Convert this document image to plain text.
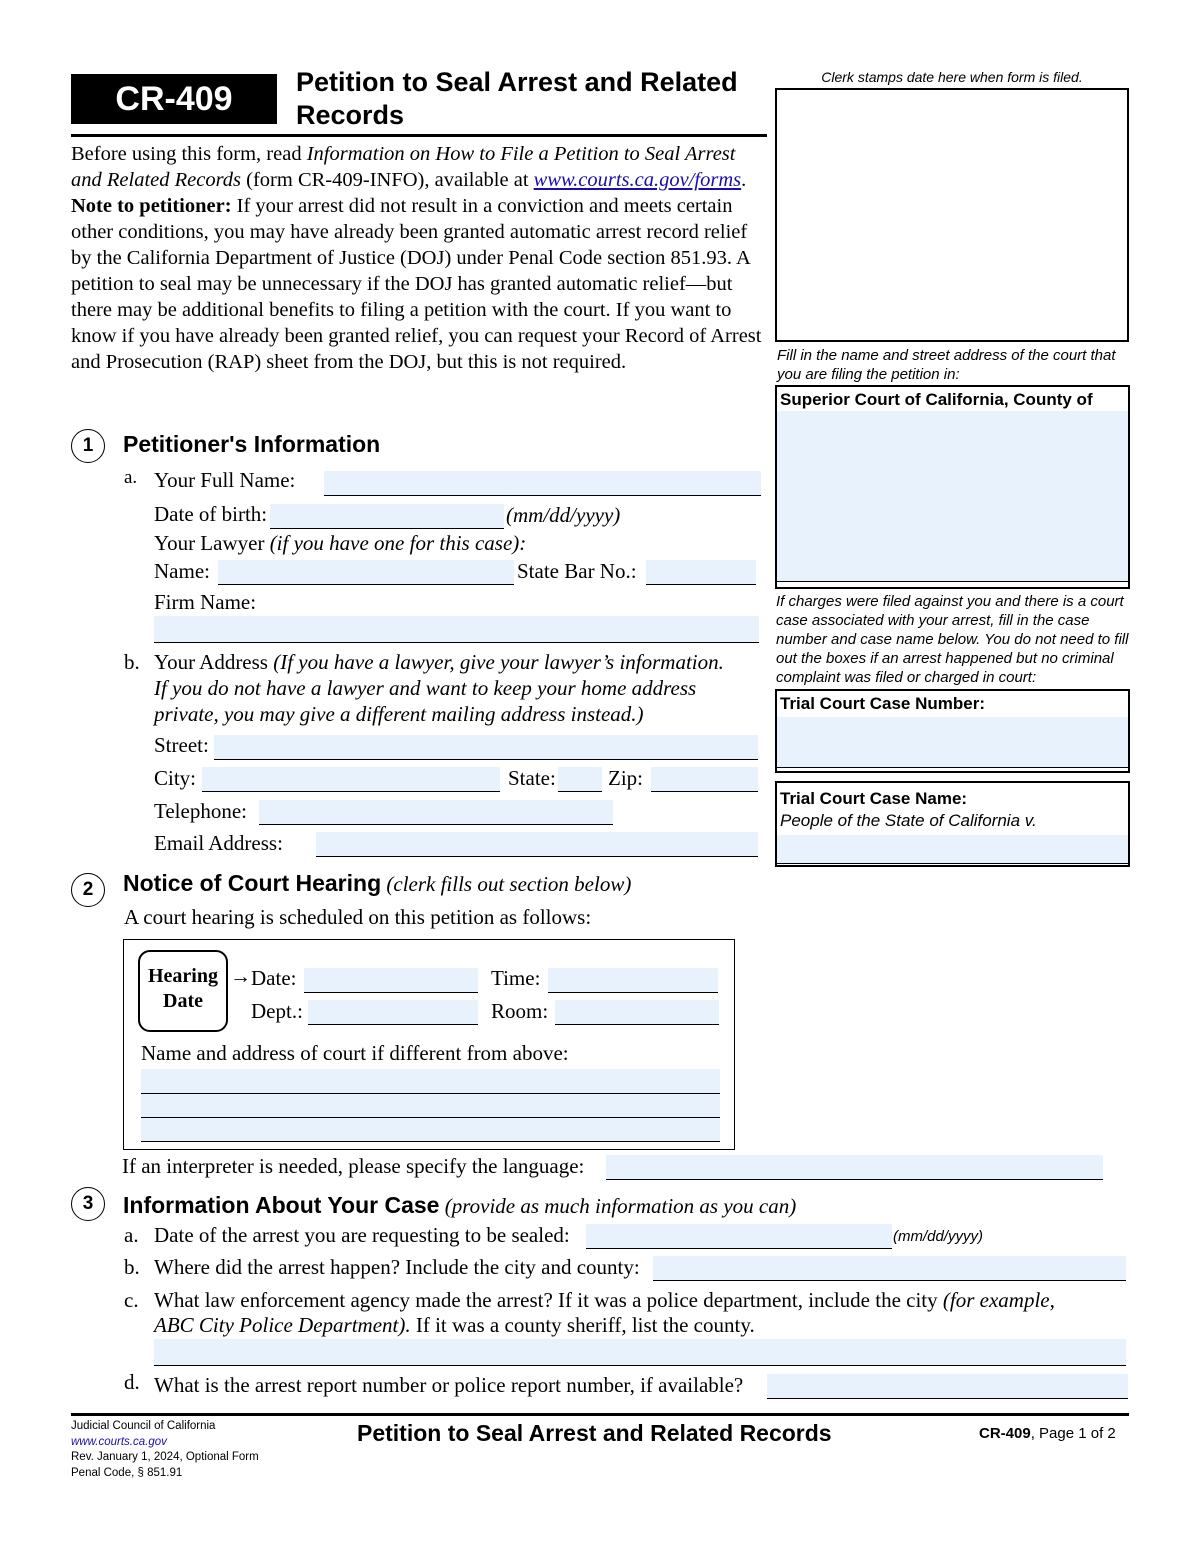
CR-409	Petition to Seal Arrest and Related
Records
Clerk stamps date here when form is filed.
Before using this form, read Information on How to File a Petition to Seal Arrest and Related Records (form CR-409-INFO), available at www.courts.ca.gov/forms.
Note to petitioner: If your arrest did not result in a conviction and meets certain other conditions, you may have already been granted automatic arrest record relief by the California Department of Justice (DOJ) under Penal Code section 851.93. A petition to seal may be unnecessary if the DOJ has granted automatic relief—but there may be additional benefits to filing a petition with the court. If you want to know if you have already been granted relief, you can request your Record of Arrest and Prosecution (RAP) sheet from the DOJ, but this is not required.	Fill in the name and street address of the court that you are filing the petition in:
Superior Court of California, County of
If charges were filed against you and there is a court case associated with your arrest, fill in the case number and case name below. You do not need to fill out the boxes if an arrest happened but no criminal complaint was filed or charged in court:
Trial Court Case Number:
Trial Court Case Name:
People of the State of California v.
1	Petitioner's Information
a. Your Full Name:
Date of birth:	(mm/dd/yyyy)
Your Lawyer (if you have one for this case):
Name:	State Bar No.:
Firm Name:
b. Your Address (If you have a lawyer, give your lawyer’s information.
If you do not have a lawyer and want to keep your home address
private, you may give a different mailing address instead.)
Street:
City:	State: Zip:
Telephone:
Email Address:
2	Notice of Court Hearing (clerk fills out section below)
A court hearing is scheduled on this petition as follows:
Hearing
Date
→ Date:	Time:
Dept.:	Room:
Name and address of court if different from above:
If an interpreter is needed, please specify the language:
3	Information About Your Case (provide as much information as you can)
a. Date of the arrest you are requesting to be sealed:	(mm/dd/yyyy)
b. Where did the arrest happen? Include the city and county:
c. What law enforcement agency made the arrest? If it was a police department, include the city (for example,
ABC City Police Department). If it was a county sheriff, list the county.
d. What is the arrest report number or police report number, if available?
Judicial Council of California
www.courts.ca.gov
Rev. January 1, 2024, Optional Form
Penal Code, § 851.91
Petition to Seal Arrest and Related Records	CR-409, Page 1 of 2
